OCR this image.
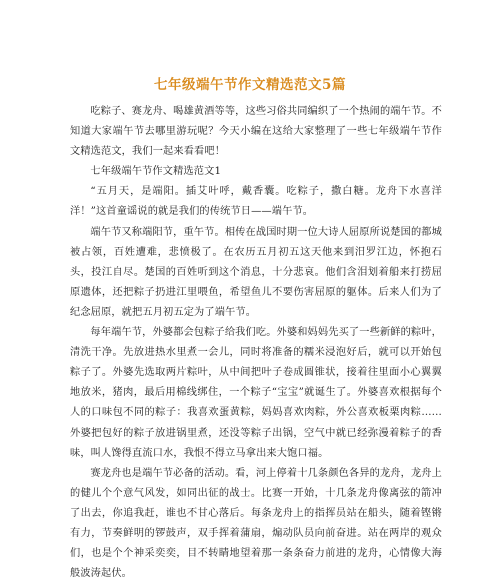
七年级端午节作文精选范文5篇

吃粽子、赛龙舟、喝雄黄酒等等，这些习俗共同编织了一个热闹的端午节。不知道大家端午节去哪里游玩呢？今天小编在这给大家整理了一些七年级端午节作文精选范文，我们一起来看看吧！

七年级端午节作文精选范文1

“五月天，是端阳。插艾叶呼，戴香囊。吃粽子，撒白糖。龙舟下水喜洋洋！”这首童谣说的就是我们的传统节日——端午节。

端午节又称端阳节，重午节。相传在战国时期一位大诗人屈原所说楚国的都城被占领，百姓遭难，悲愤极了。在农历五月初五这天他来到汨罗江边，怀抱石头，投江自尽。楚国的百姓听到这个消息，十分悲哀。他们含泪划着船来打捞屈原遗体，还把粽子扔进江里喂鱼，希望鱼儿不要伤害屈原的躯体。后来人们为了纪念屈原，就把五月初五定为了端午节。

每年端午节，外婆都会包粽子给我们吃。外婆和妈妈先买了一些新鲜的粽叶，清洗干净。先放进热水里煮一会儿，同时将准备的糯米浸泡好后，就可以开始包粽子了。外婆先选取两片粽叶，从中间把叶子卷成圆锥状，接着往里面小心翼翼地放米，猪肉，最后用棉线绑住，一个粽子“宝宝”就诞生了。外婆喜欢根据每个人的口味包不同的粽子：我喜欢蛋黄粽，妈妈喜欢肉粽，外公喜欢板栗肉粽……外婆把包好的粽子放进锅里煮，还没等粽子出锅，空气中就已经弥漫着粽子的香味，叫人馋得直流口水，我恨不得立马拿出来大饱口福。

赛龙舟也是端午节必备的活动。看，河上停着十几条颜色各异的龙舟，龙舟上的健儿个个意气风发，如同出征的战士。比赛一开始，十几条龙舟像离弦的箭冲了出去，你追我赶，谁也不甘心落后。每条龙舟上的指挥员站在船头，随着铿锵有力，节奏鲜明的锣鼓声，双手挥着蒲扇，煽动队员向前奋进。站在两岸的观众们，也是个个神采奕奕，目不转睛地望着那一条条奋力前进的龙舟，心情像大海般波涛起伏。
